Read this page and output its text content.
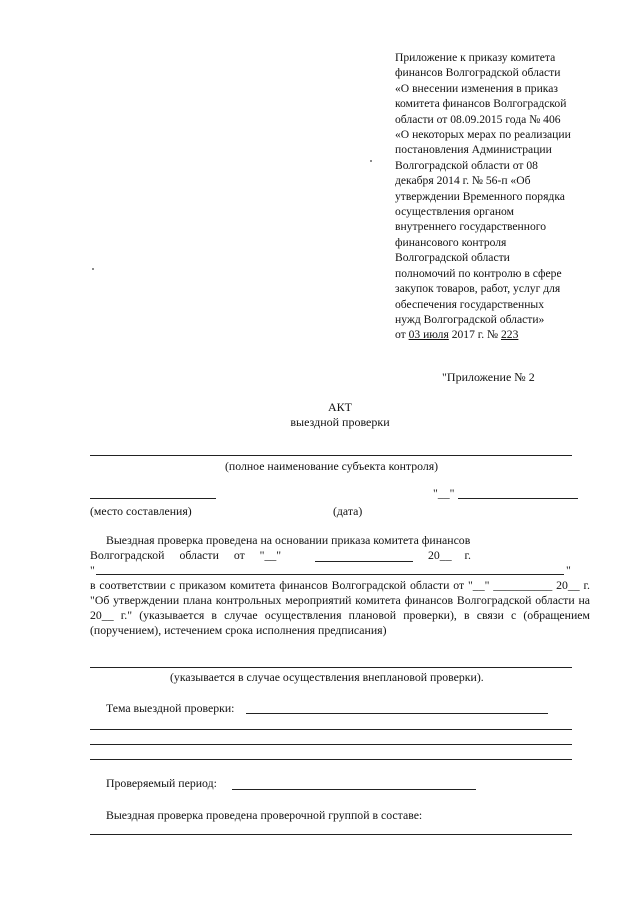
Приложение к приказу комитета
финансов Волгоградской области
«О внесении изменения в приказ
комитета финансов Волгоградской
области от 08.09.2015 года № 406
«О некоторых мерах по реализации
постановления Администрации
Волгоградской области от 08
декабря 2014 г. № 56-п «Об
утверждении Временного порядка
осуществления органом
внутреннего государственного
финансового контроля
Волгоградской области
полномочий по контролю в сфере
закупок товаров, работ, услуг для
обеспечения государственных
нужд Волгоградской области»
от 03 июля 2017 г. № 223
"Приложение № 2
АКТ
выездной проверки
(полное наименование субъекта контроля)
"__"
(место составления)	(дата)
Выездная проверка проведена на основании приказа комитета финансов
Волгоградской области от "__"	20__ г.
"	"
в соответствии с приказом комитета финансов Волгоградской области от "__" __________ 20__ г. "Об утверждении плана контрольных мероприятий комитета финансов Волгоградской области на 20__ г." (указывается в случае осуществления плановой проверки), в связи с (обращением (поручением), истечением срока исполнения предписания)
(указывается в случае осуществления внеплановой проверки).
Тема выездной проверки:
Проверяемый период:
Выездная проверка проведена проверочной группой в составе:
